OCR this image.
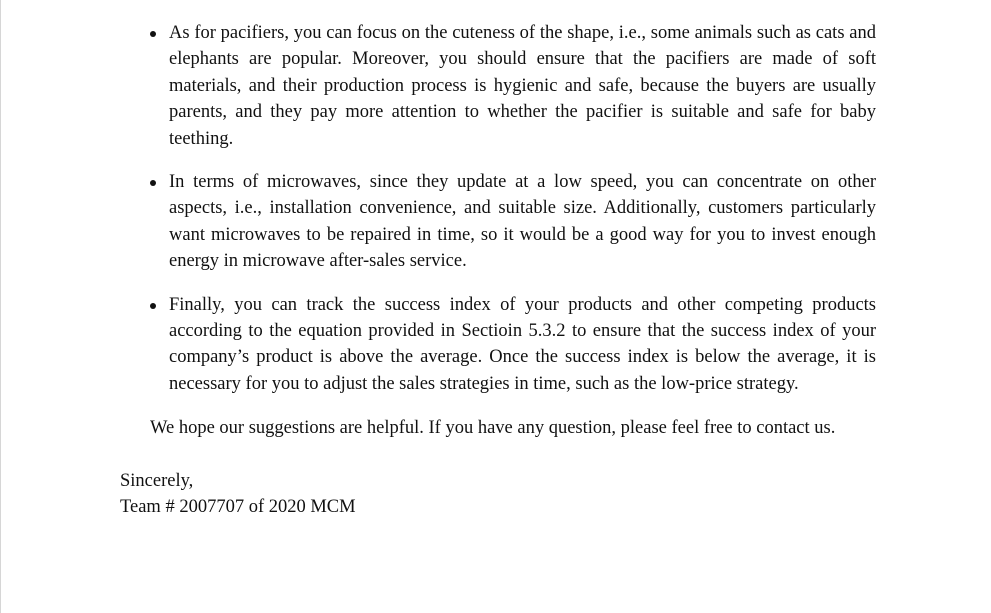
As for pacifiers, you can focus on the cuteness of the shape, i.e., some animals such as cats and elephants are popular. Moreover, you should ensure that the pacifiers are made of soft materials, and their production process is hygienic and safe, because the buyers are usually parents, and they pay more attention to whether the pacifier is suitable and safe for baby teething.
In terms of microwaves, since they update at a low speed, you can concentrate on other aspects, i.e., installation convenience, and suitable size. Additionally, customers particularly want microwaves to be repaired in time, so it would be a good way for you to invest enough energy in microwave after-sales service.
Finally, you can track the success index of your products and other competing products according to the equation provided in Sectioin 5.3.2 to ensure that the success index of your company’s product is above the average. Once the success index is below the average, it is necessary for you to adjust the sales strategies in time, such as the low-price strategy.

We hope our suggestions are helpful. If you have any question, please feel free to contact us.

Sincerely,
Team # 2007707 of 2020 MCM
